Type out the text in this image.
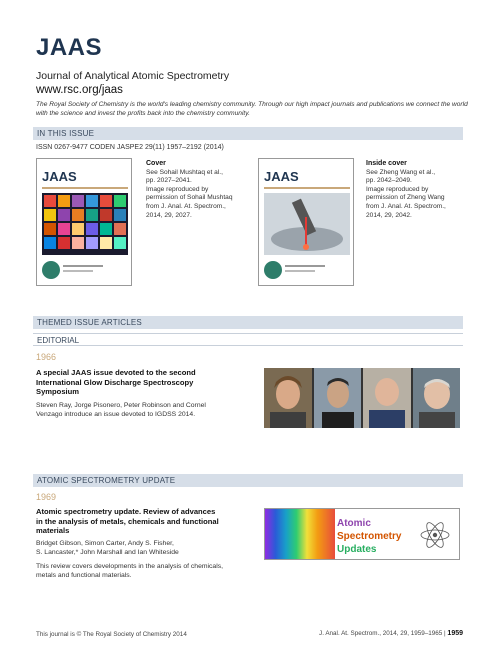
JAAS
Journal of Analytical Atomic Spectrometry
www.rsc.org/jaas
The Royal Society of Chemistry is the world's leading chemistry community. Through our high impact journals and publications we connect the world with the science and invest the profits back into the chemistry community.
IN THIS ISSUE
ISSN 0267-9477 CODEN JASPE2 29(11) 1957–2192 (2014)
JAAS
Cover
See Sohail Mushtaq et al.,
pp. 2027–2041.
Image reproduced by
permission of Sohail Mushtaq
from J. Anal. At. Spectrom.,
2014, 29, 2027.
JAAS
Inside cover
See Zheng Wang et al.,
pp. 2042–2049.
Image reproduced by
permission of Zheng Wang
from J. Anal. At. Spectrom.,
2014, 29, 2042.
THEMED ISSUE ARTICLES
EDITORIAL
1966
A special JAAS issue devoted to the second
International Glow Discharge Spectroscopy
Symposium
Steven Ray, Jorge Pisonero, Peter Robinson and Cornel
Venzago introduce an issue devoted to IGDSS 2014.
ATOMIC SPECTROMETRY UPDATE
1969
Atomic spectrometry update. Review of advances
in the analysis of metals, chemicals and functional
materials
Bridget Gibson, Simon Carter, Andy S. Fisher,
S. Lancaster,* John Marshall and Ian Whiteside
This review covers developments in the analysis of chemicals,
metals and functional materials.
Atomic
Spectrometry
Updates
This journal is © The Royal Society of Chemistry 2014	J. Anal. At. Spectrom., 2014, 29, 1959–1965 | 1959
